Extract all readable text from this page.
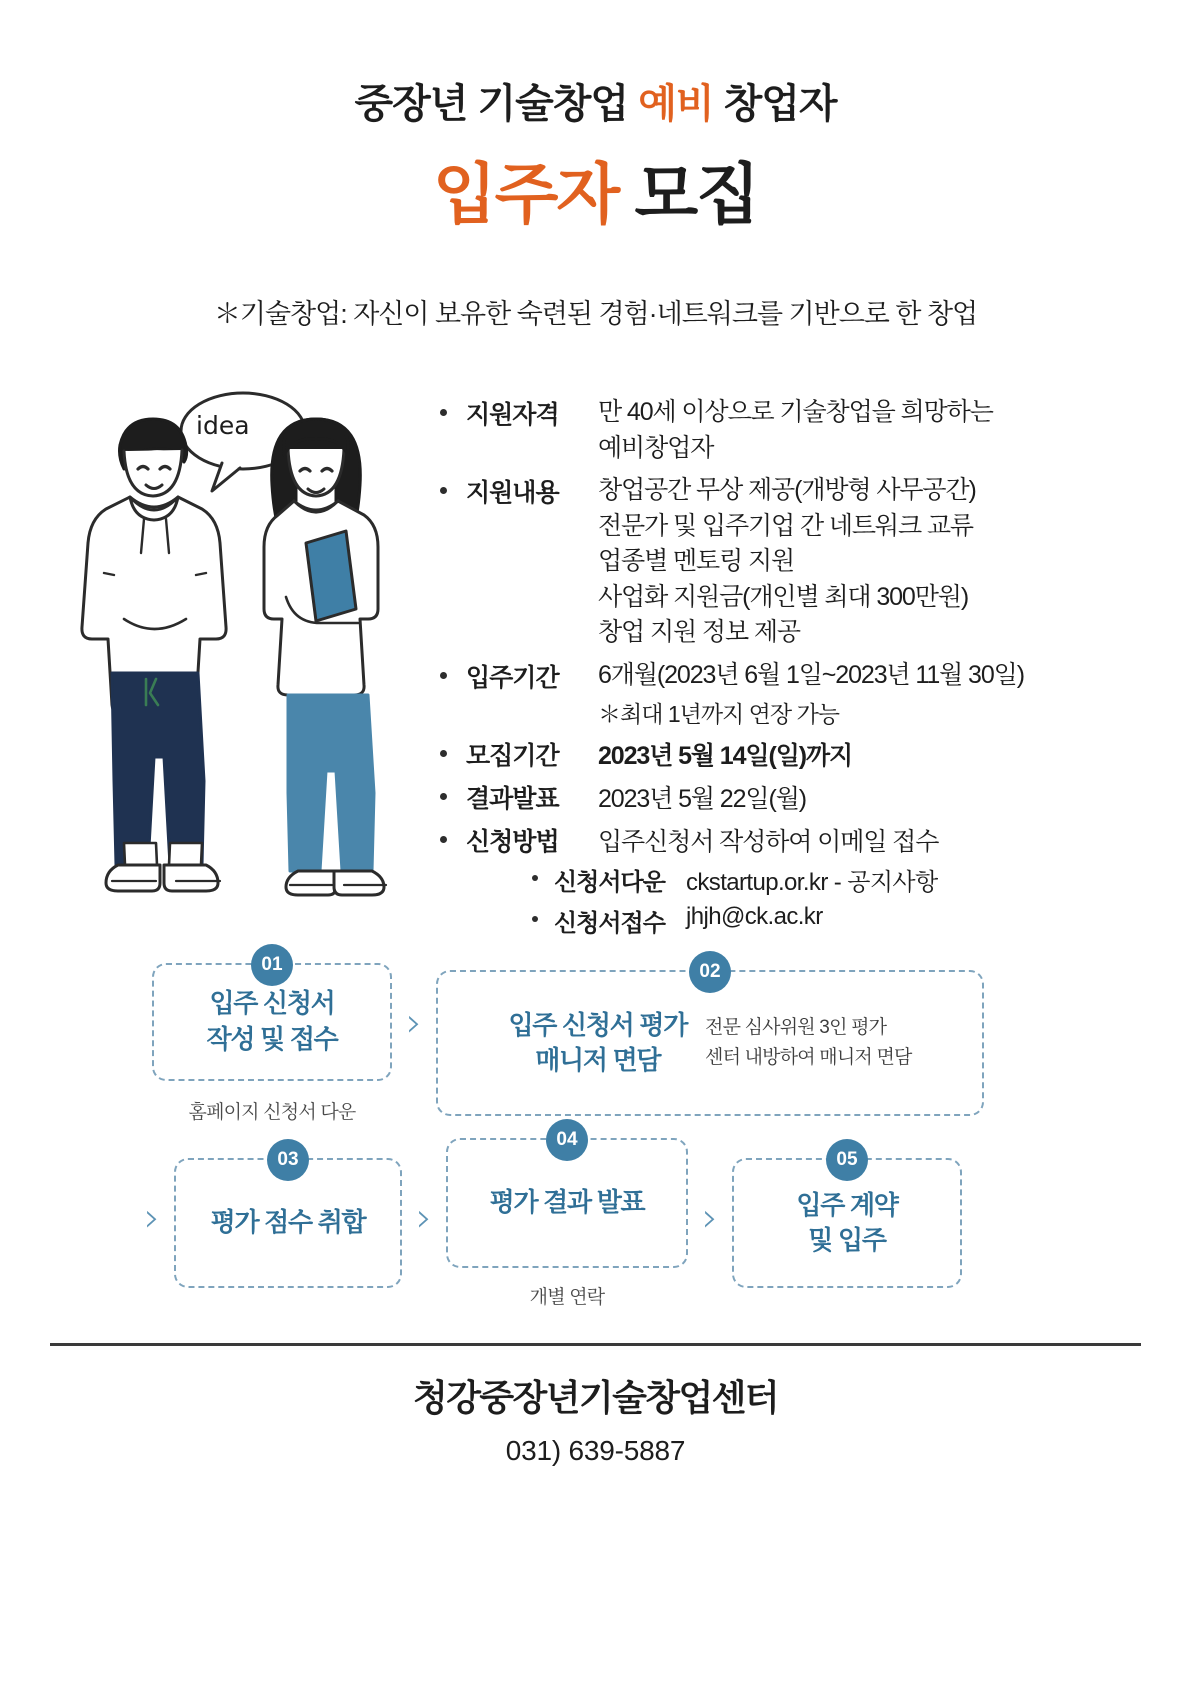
중장년 기술창업 예비 창업자
입주자 모집
＊기술창업: 자신이 보유한 숙련된 경험·네트워크를 기반으로 한 창업
idea	지원자격	만 40세 이상으로 기술창업을 희망하는
예비창업자
지원내용	창업공간 무상 제공(개방형 사무공간)
전문가 및 입주기업 간 네트워크 교류
업종별 멘토링 지원
사업화 지원금(개인별 최대 300만원)
창업 지원 정보 제공
입주기간	6개월(2023년 6월 1일~2023년 11월 30일)
＊최대 1년까지 연장 가능
모집기간	2023년 5월 14일(일)까지
결과발표	2023년 5월 22일(월)
신청방법	입주신청서 작성하여 이메일 접수
신청서다운 ckstartup.or.kr - 공지사항
신청서접수 jhjh@ck.ac.kr
01
입주 신청서
작성 및 접수
홈페이지 신청서 다운
›
02
입주 신청서 평가
매니저 면담
전문 심사위원 3인 평가
센터 내방하여 매니저 면담
›
03
평가 점수 취합	›
04
평가 결과 발표
개별 연락
›
05
입주 계약
및 입주
청강중장년기술창업센터
031) 639-5887
